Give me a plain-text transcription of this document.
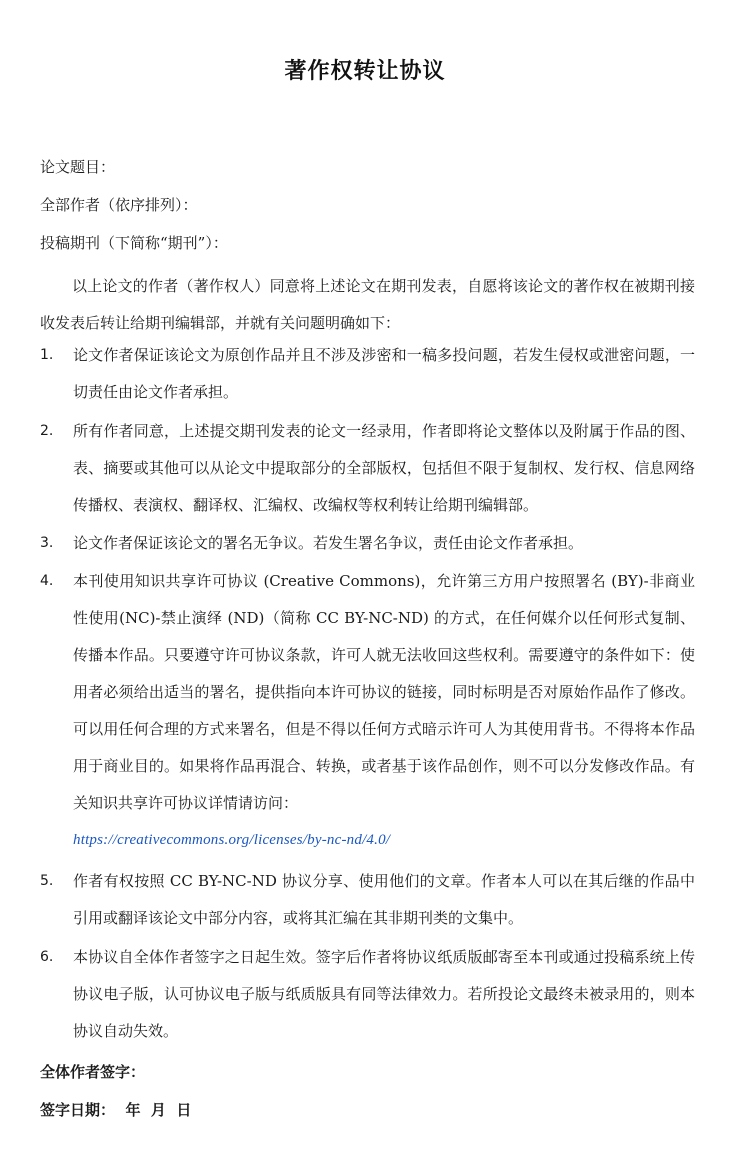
著作权转让协议
论文题目：
全部作者（依序排列）：
投稿期刊（下简称“期刊”）：
以上论文的作者（著作权人）同意将上述论文在期刊发表，自愿将该论文的著作权在被期刊接收发表后转让给期刊编辑部，并就有关问题明确如下：
1. 论文作者保证该论文为原创作品并且不涉及涉密和一稿多投问题，若发生侵权或泄密问题，一切责任由论文作者承担。
2. 所有作者同意，上述提交期刊发表的论文一经录用，作者即将论文整体以及附属于作品的图、表、摘要或其他可以从论文中提取部分的全部版权，包括但不限于复制权、发行权、信息网络传播权、表演权、翻译权、汇编权、改编权等权利转让给期刊编辑部。
3. 论文作者保证该论文的署名无争议。若发生署名争议，责任由论文作者承担。
4. 本刊使用知识共享许可协议 (Creative Commons)，允许第三方用户按照署名 (BY)-非商业性使用(NC)-禁止演绎 (ND)（简称 CC BY-NC-ND) 的方式，在任何媒介以任何形式复制、传播本作品。只要遵守许可协议条款，许可人就无法收回这些权利。需要遵守的条件如下：使用者必须给出适当的署名，提供指向本许可协议的链接，同时标明是否对原始作品作了修改。可以用任何合理的方式来署名，但是不得以任何方式暗示许可人为其使用背书。不得将本作品用于商业目的。如果将作品再混合、转换，或者基于该作品创作，则不可以分发修改作品。有关知识共享许可协议详情请访问：
https://creativecommons.org/licenses/by-nc-nd/4.0/
5. 作者有权按照 CC BY-NC-ND 协议分享、使用他们的文章。作者本人可以在其后继的作品中引用或翻译该论文中部分内容，或将其汇编在其非期刊类的文集中。
6. 本协议自全体作者签字之日起生效。签字后作者将协议纸质版邮寄至本刊或通过投稿系统上传协议电子版，认可协议电子版与纸质版具有同等法律效力。若所投论文最终未被录用的，则本协议自动失效。
全体作者签字：
签字日期：  年  月  日
